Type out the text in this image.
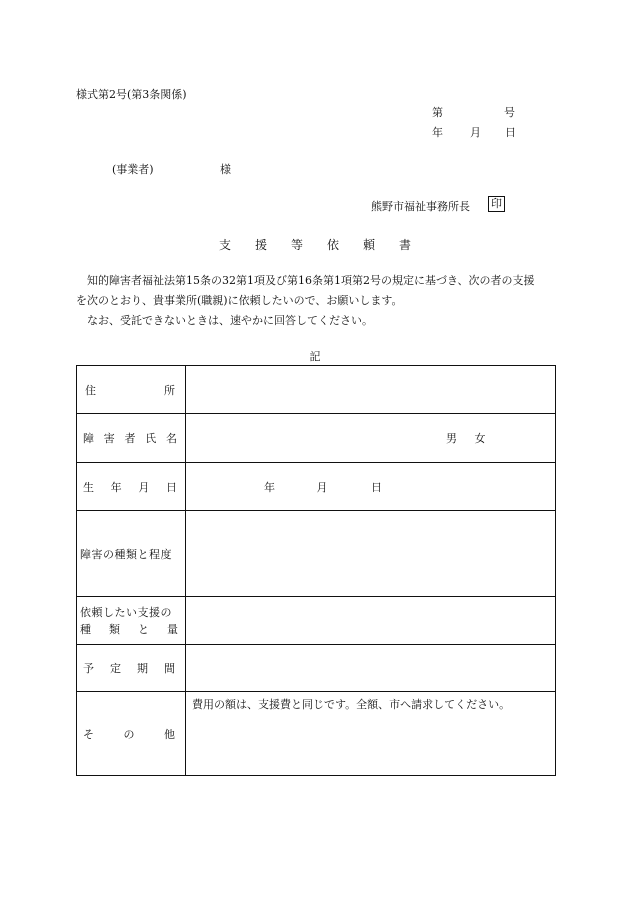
様式第2号(第3条関係)
第	号
年 月 日
(事業者)	様
熊野市福祉事務所長 印
支援等依頼書

知的障害者福祉法第15条の32第1項及び第16条第1項第2号の規定に基づき、次の者の支援

を次のとおり、貴事業所(職親)に依頼したいので、お願いします。

なお、受託できないときは、速やかに回答してください。

記
住 所	

障 害 者 氏 名	男 女

生 年 月 日	年 月 日
障害の種類と程度	

依頼したい支援の
種 類 と 量	

予 定 期 間	

そ の 他	費用の額は、支援費と同じです。全額、市へ請求してください。
